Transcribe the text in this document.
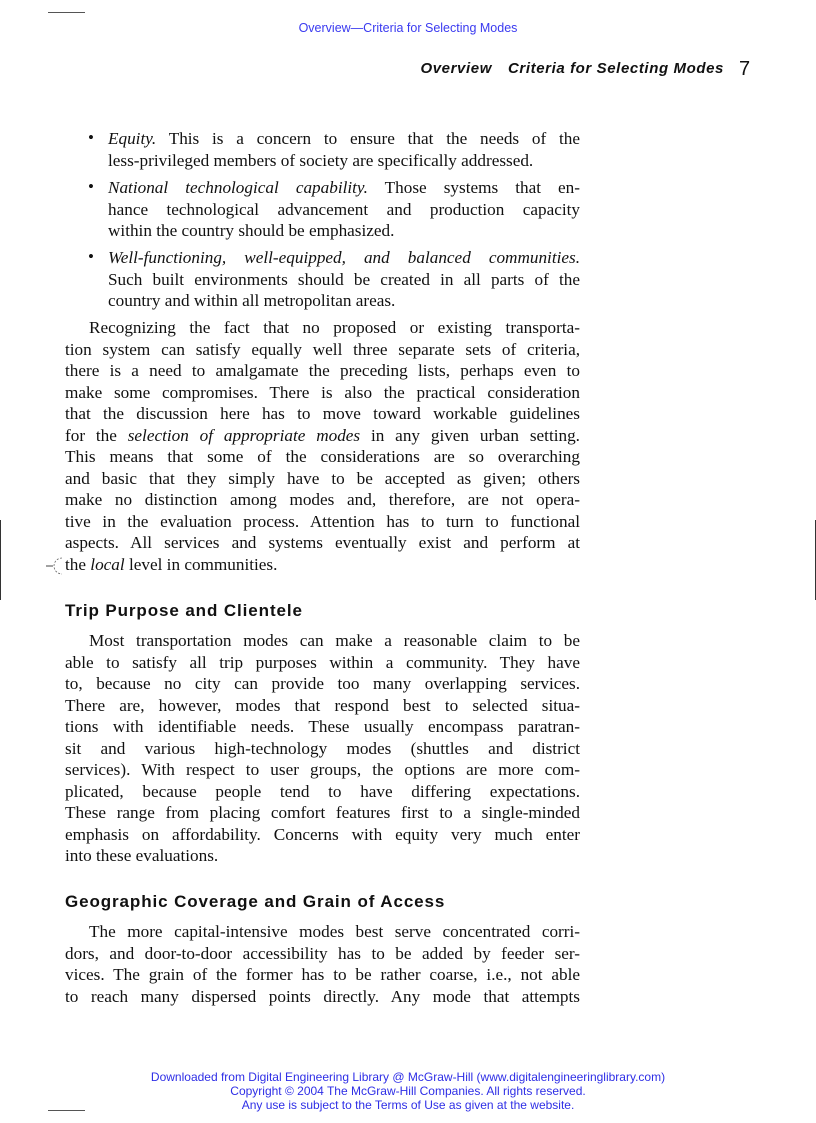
Overview—Criteria for Selecting Modes
Overview Criteria for Selecting Modes 7
• Equity. This is a concern to ensure that the needs of the
less-privileged members of society are specifically addressed.
• National technological capability. Those systems that en-
hance technological advancement and production capacity
within the country should be emphasized.
• Well-functioning, well-equipped, and balanced communities.
Such built environments should be created in all parts of the
country and within all metropolitan areas.
Recognizing the fact that no proposed or existing transporta-
tion system can satisfy equally well three separate sets of criteria,
there is a need to amalgamate the preceding lists, perhaps even to
make some compromises. There is also the practical consideration
that the discussion here has to move toward workable guidelines
for the selection of appropriate modes in any given urban setting.
This means that some of the considerations are so overarching
and basic that they simply have to be accepted as given; others
make no distinction among modes and, therefore, are not opera-
tive in the evaluation process. Attention has to turn to functional
aspects. All services and systems eventually exist and perform at
the local level in communities.
Trip Purpose and Clientele
Most transportation modes can make a reasonable claim to be
able to satisfy all trip purposes within a community. They have
to, because no city can provide too many overlapping services.
There are, however, modes that respond best to selected situa-
tions with identifiable needs. These usually encompass paratran-
sit and various high-technology modes (shuttles and district
services). With respect to user groups, the options are more com-
plicated, because people tend to have differing expectations.
These range from placing comfort features first to a single-minded
emphasis on affordability. Concerns with equity very much enter
into these evaluations.
Geographic Coverage and Grain of Access
The more capital-intensive modes best serve concentrated corri-
dors, and door-to-door accessibility has to be added by feeder ser-
vices. The grain of the former has to be rather coarse, i.e., not able
to reach many dispersed points directly. Any mode that attempts
Downloaded from Digital Engineering Library @ McGraw-Hill (www.digitalengineeringlibrary.com)
Copyright © 2004 The McGraw-Hill Companies. All rights reserved.
Any use is subject to the Terms of Use as given at the website.
